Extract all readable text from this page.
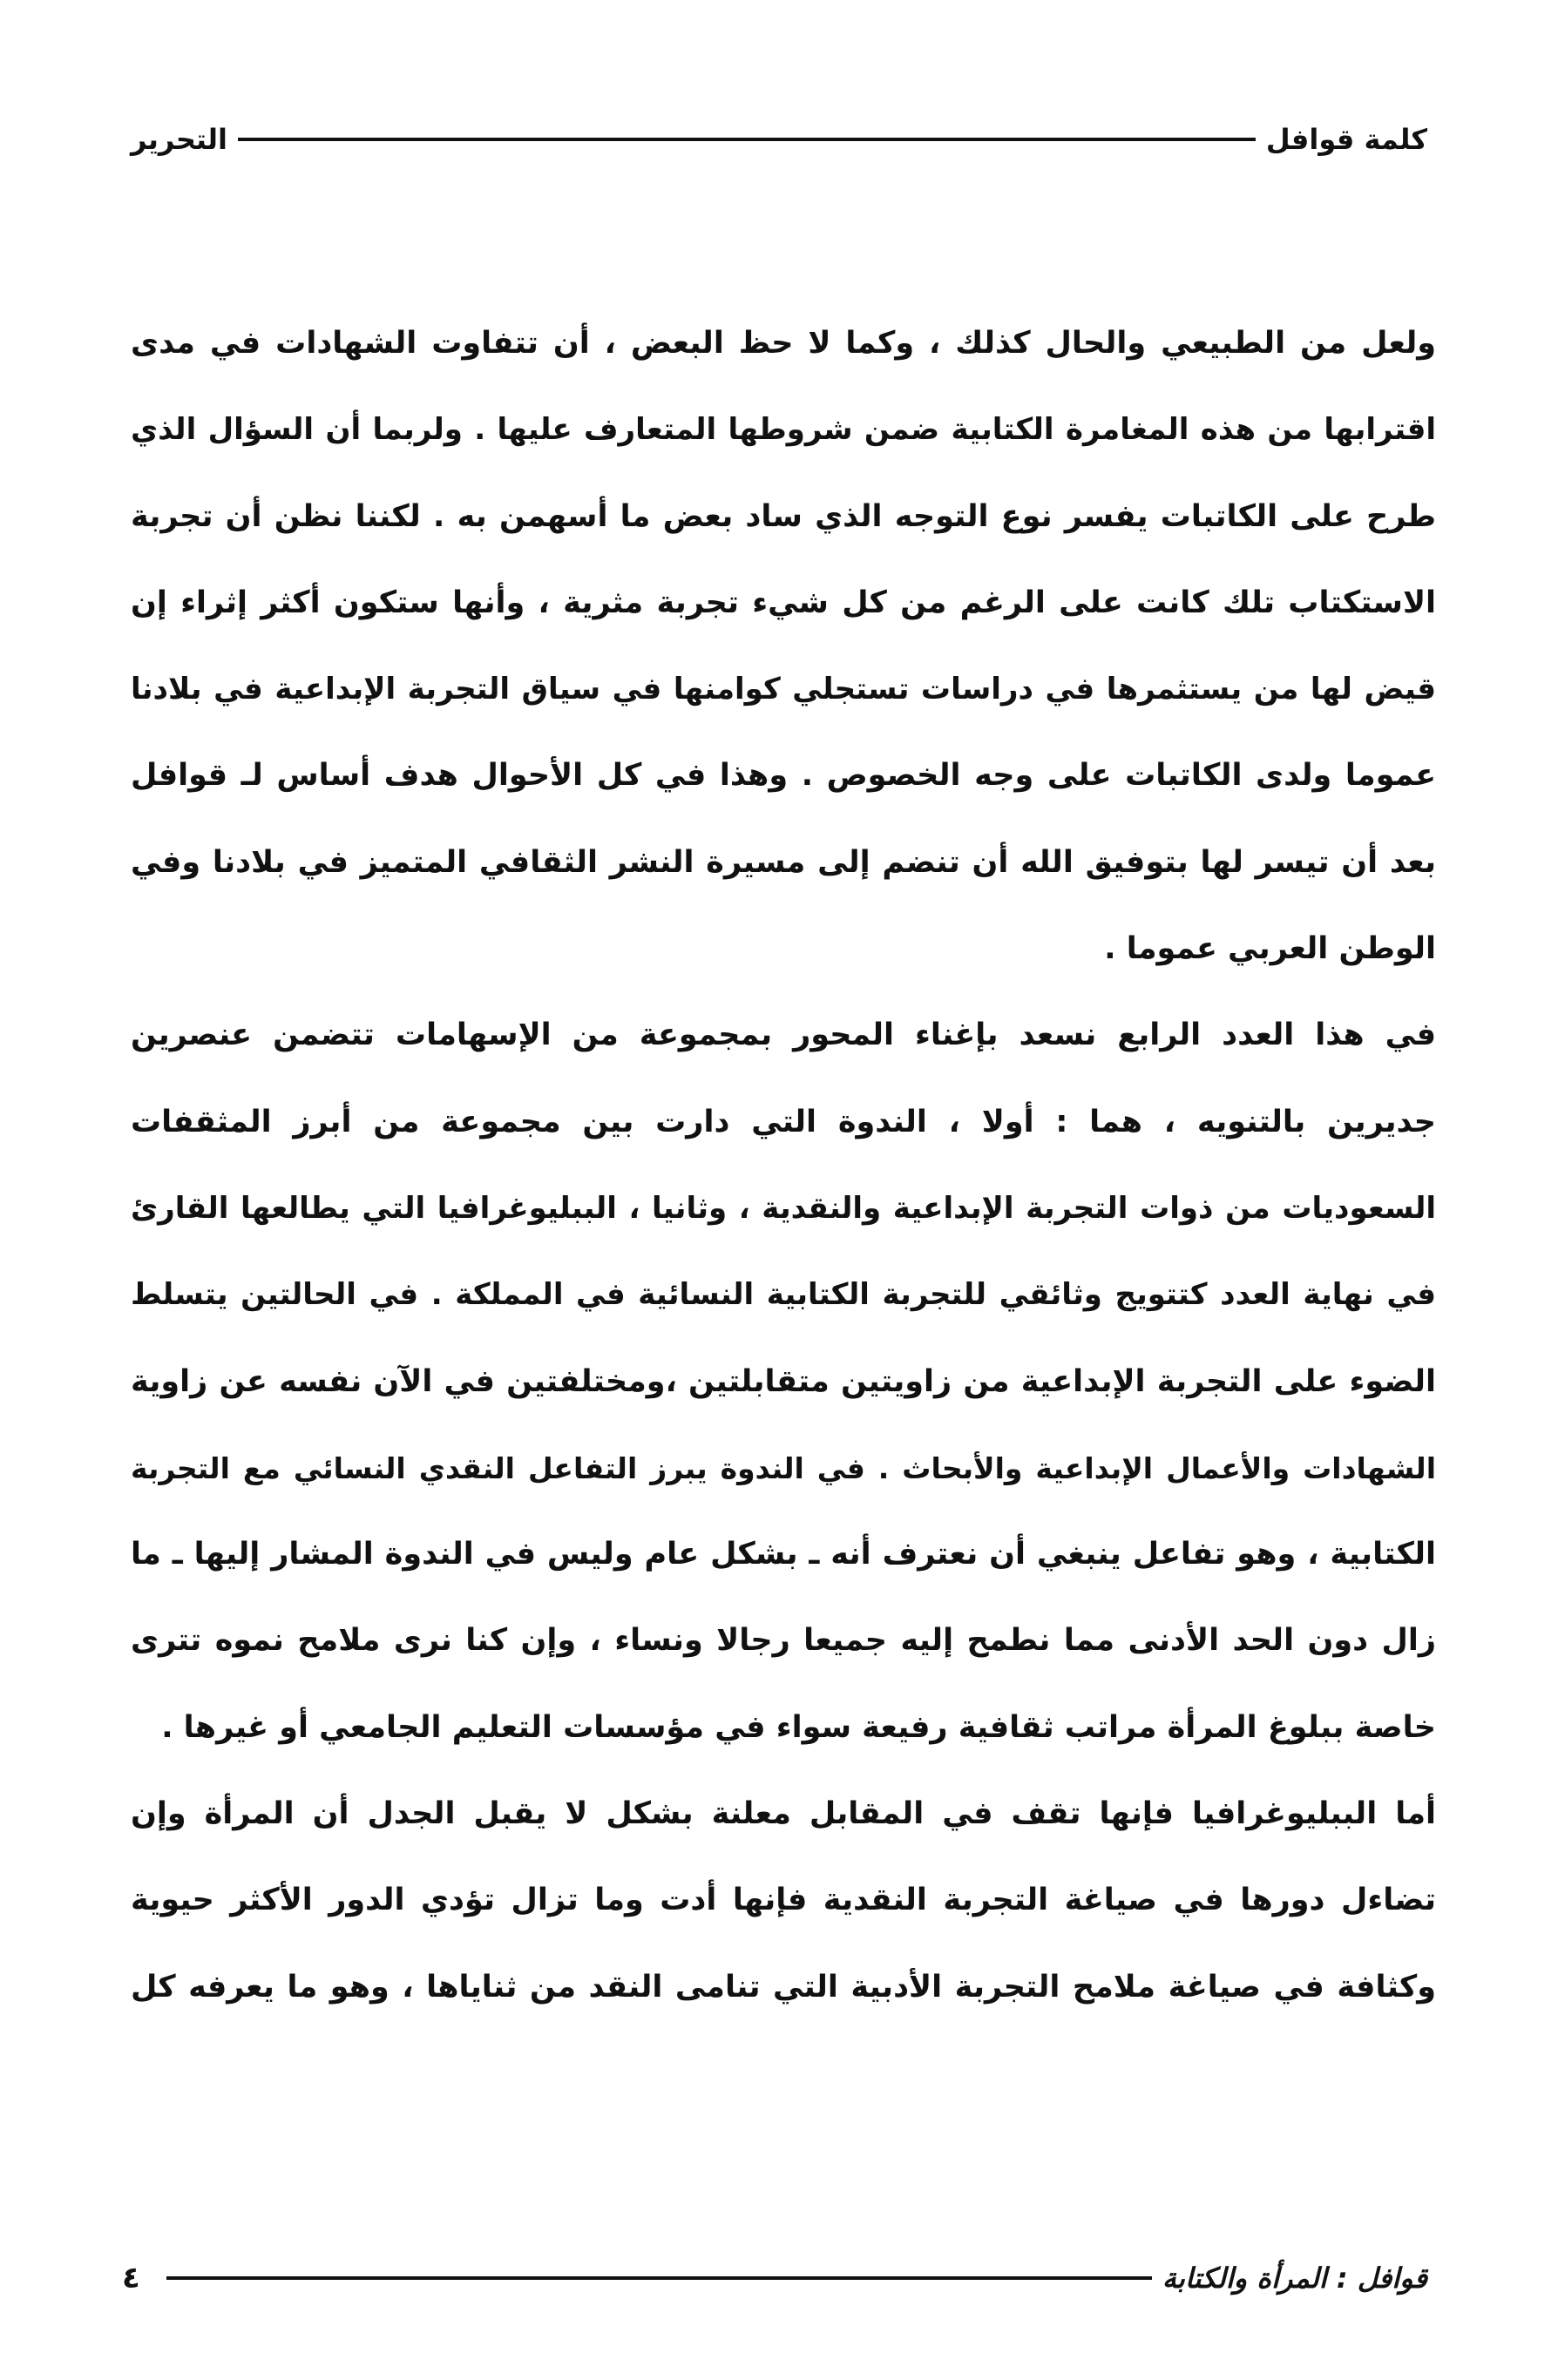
كلمة قوافل
التحرير
ولعل من الطبيعي والحال كذلك ، وكما لا حظ البعض ، أن تتفاوت الشهادات في مدى
اقترابها من هذه المغامرة الكتابية ضمن شروطها المتعارف عليها . ولربما أن السؤال الذي
طرح على الكاتبات يفسر نوع التوجه الذي ساد بعض ما أسهمن به . لكننا نظن أن تجربة
الاستكتاب تلك كانت على الرغم من كل شيء تجربة مثرية ، وأنها ستكون أكثر إثراء إن
قيض لها من يستثمرها في دراسات تستجلي كوامنها في سياق التجربة الإبداعية في بلادنا
عموما ولدى الكاتبات على وجه الخصوص . وهذا في كل الأحوال هدف أساس لـ قوافل
بعد أن تيسر لها بتوفيق الله أن تنضم إلى مسيرة النشر الثقافي المتميز في بلادنا وفي
الوطن العربي عموما .
في هذا العدد الرابع نسعد بإغناء المحور بمجموعة من الإسهامات تتضمن عنصرين
جديرين بالتنويه ، هما : أولا ، الندوة التي دارت بين مجموعة من أبرز المثقفات
السعوديات من ذوات التجربة الإبداعية والنقدية ، وثانيا ، الببليوغرافيا التي يطالعها القارئ
في نهاية العدد كتتويج وثائقي للتجربة الكتابية النسائية في المملكة . في الحالتين يتسلط
الضوء على التجربة الإبداعية من زاويتين متقابلتين ،ومختلفتين في الآن نفسه عن زاوية
الشهادات والأعمال الإبداعية والأبحاث . في الندوة يبرز التفاعل النقدي النسائي مع التجربة
الكتابية ، وهو تفاعل ينبغي أن نعترف أنه ـ بشكل عام وليس في الندوة المشار إليها ـ ما
زال دون الحد الأدنى مما نطمح إليه جميعا رجالا ونساء ، وإن كنا نرى ملامح نموه تترى
خاصة ببلوغ المرأة مراتب ثقافية رفيعة سواء في مؤسسات التعليم الجامعي أو غيرها .
أما الببليوغرافيا فإنها تقف في المقابل معلنة بشكل لا يقبل الجدل أن المرأة وإن
تضاءل دورها في صياغة التجربة النقدية فإنها أدت وما تزال تؤدي الدور الأكثر حيوية
وكثافة في صياغة ملامح التجربة الأدبية التي تنامى النقد من ثناياها ، وهو ما يعرفه كل
قوافل : المرأة والكتابة
٤
